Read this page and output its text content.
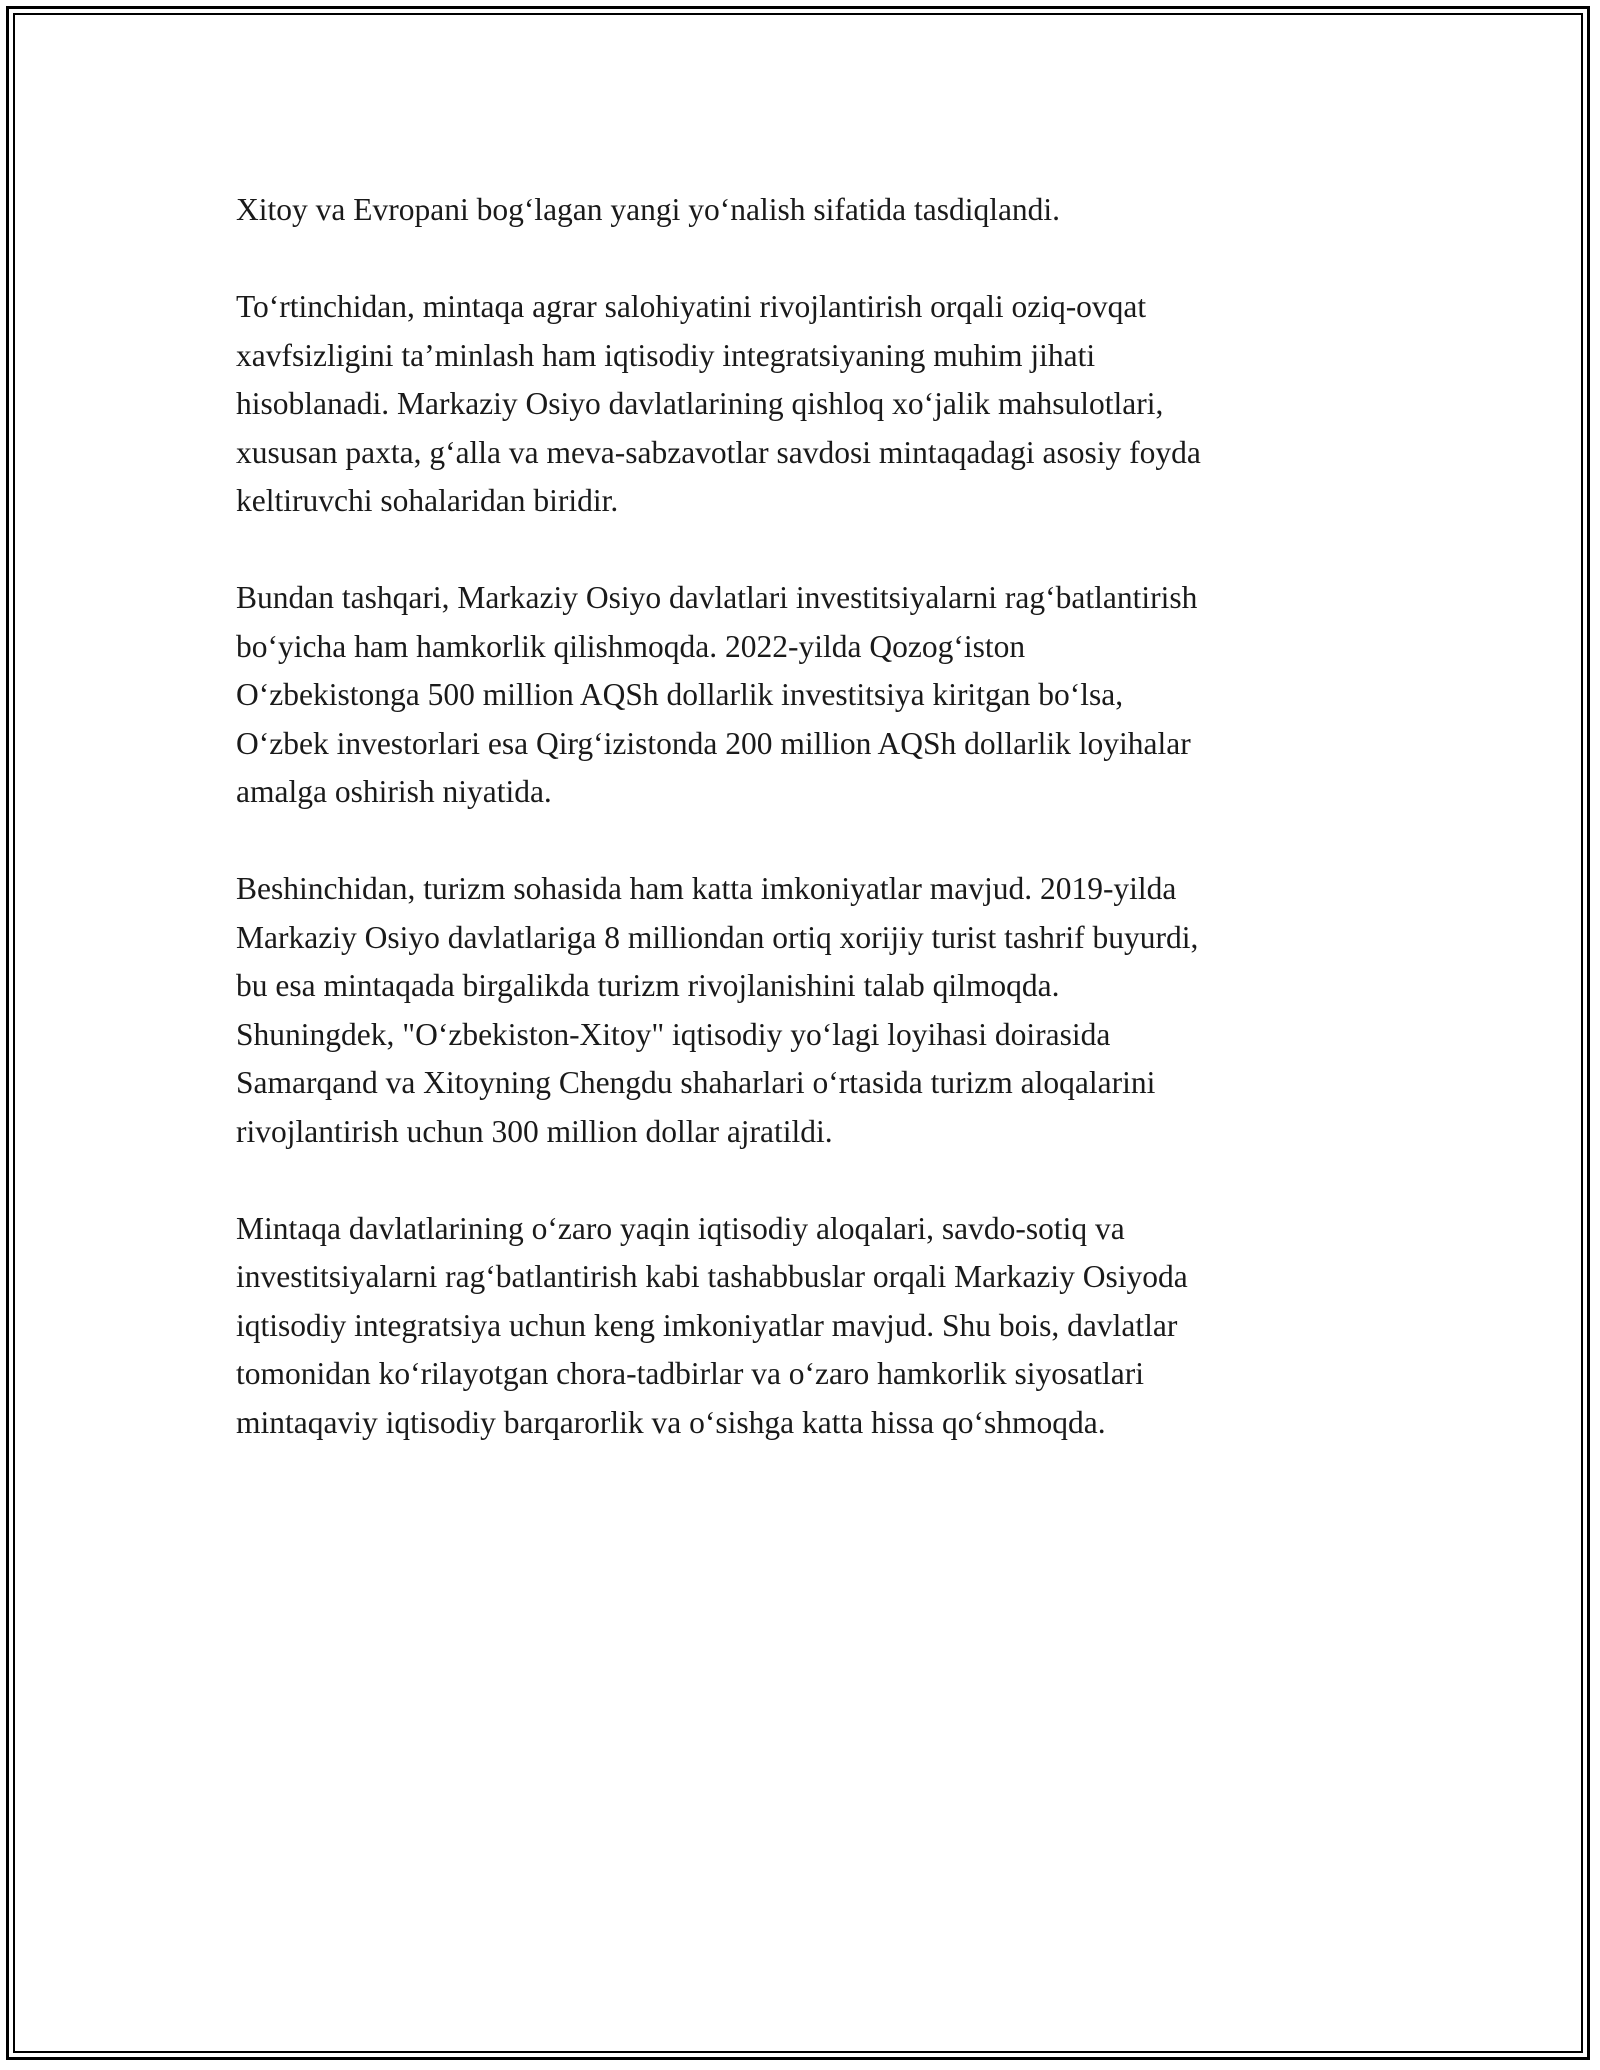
Xitoy va Evropani bog‘lagan yangi yo‘nalish sifatida tasdiqlandi.

To‘rtinchidan, mintaqa agrar salohiyatini rivojlantirish orqali oziq-ovqat
xavfsizligini ta’minlash ham iqtisodiy integratsiyaning muhim jihati
hisoblanadi. Markaziy Osiyo davlatlarining qishloq xo‘jalik mahsulotlari,
xususan paxta, g‘alla va meva-sabzavotlar savdosi mintaqadagi asosiy foyda
keltiruvchi sohalaridan biridir.

Bundan tashqari, Markaziy Osiyo davlatlari investitsiyalarni rag‘batlantirish
bo‘yicha ham hamkorlik qilishmoqda. 2022-yilda Qozog‘iston
O‘zbekistonga 500 million AQSh dollarlik investitsiya kiritgan bo‘lsa,
O‘zbek investorlari esa Qirg‘izistonda 200 million AQSh dollarlik loyihalar
amalga oshirish niyatida.

Beshinchidan, turizm sohasida ham katta imkoniyatlar mavjud. 2019-yilda
Markaziy Osiyo davlatlariga 8 milliondan ortiq xorijiy turist tashrif buyurdi,
bu esa mintaqada birgalikda turizm rivojlanishini talab qilmoqda.
Shuningdek, "O‘zbekiston-Xitoy" iqtisodiy yo‘lagi loyihasi doirasida
Samarqand va Xitoyning Chengdu shaharlari o‘rtasida turizm aloqalarini
rivojlantirish uchun 300 million dollar ajratildi.

Mintaqa davlatlarining o‘zaro yaqin iqtisodiy aloqalari, savdo-sotiq va
investitsiyalarni rag‘batlantirish kabi tashabbuslar orqali Markaziy Osiyoda
iqtisodiy integratsiya uchun keng imkoniyatlar mavjud. Shu bois, davlatlar
tomonidan ko‘rilayotgan chora-tadbirlar va o‘zaro hamkorlik siyosatlari
mintaqaviy iqtisodiy barqarorlik va o‘sishga katta hissa qo‘shmoqda.
